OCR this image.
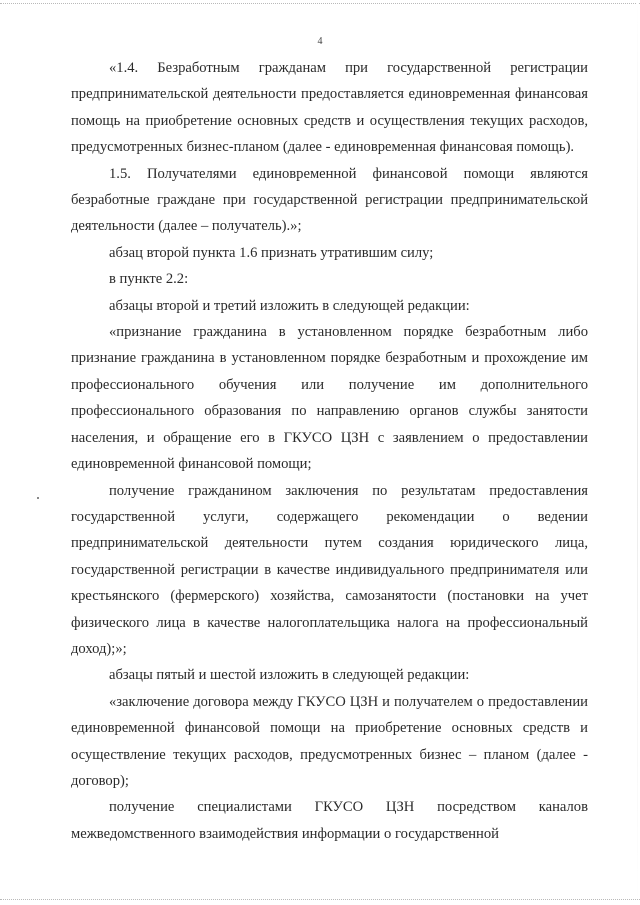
4

«1.4. Безработным гражданам при государственной регистрации предпринимательской деятельности предоставляется единовременная финансовая помощь на приобретение основных средств и осуществления текущих расходов, предусмотренных бизнес-планом (далее - единовременная финансовая помощь).

1.5. Получателями единовременной финансовой помощи являются безработные граждане при государственной регистрации предпринимательской деятельности (далее – получатель).»;

абзац второй пункта 1.6 признать утратившим силу;

в пункте 2.2:

абзацы второй и третий изложить в следующей редакции:

«признание гражданина в установленном порядке безработным либо признание гражданина в установленном порядке безработным и прохождение им профессионального обучения или получение им дополнительного профессионального образования по направлению органов службы занятости населения, и обращение его в ГКУСО ЦЗН с заявлением о предоставлении единовременной финансовой помощи;

получение гражданином заключения по результатам предоставления государственной услуги, содержащего рекомендации о ведении предпринимательской деятельности путем создания юридического лица, государственной регистрации в качестве индивидуального предпринимателя или крестьянского (фермерского) хозяйства, самозанятости (постановки на учет физического лица в качестве налогоплательщика налога на профессиональный доход);»;

абзацы пятый и шестой изложить в следующей редакции:

«заключение договора между ГКУСО ЦЗН и получателем о предоставлении единовременной финансовой помощи на приобретение основных средств и осуществление текущих расходов, предусмотренных бизнес – планом (далее - договор);

получение специалистами ГКУСО ЦЗН посредством каналов межведомственного взаимодействия информации о государственной
